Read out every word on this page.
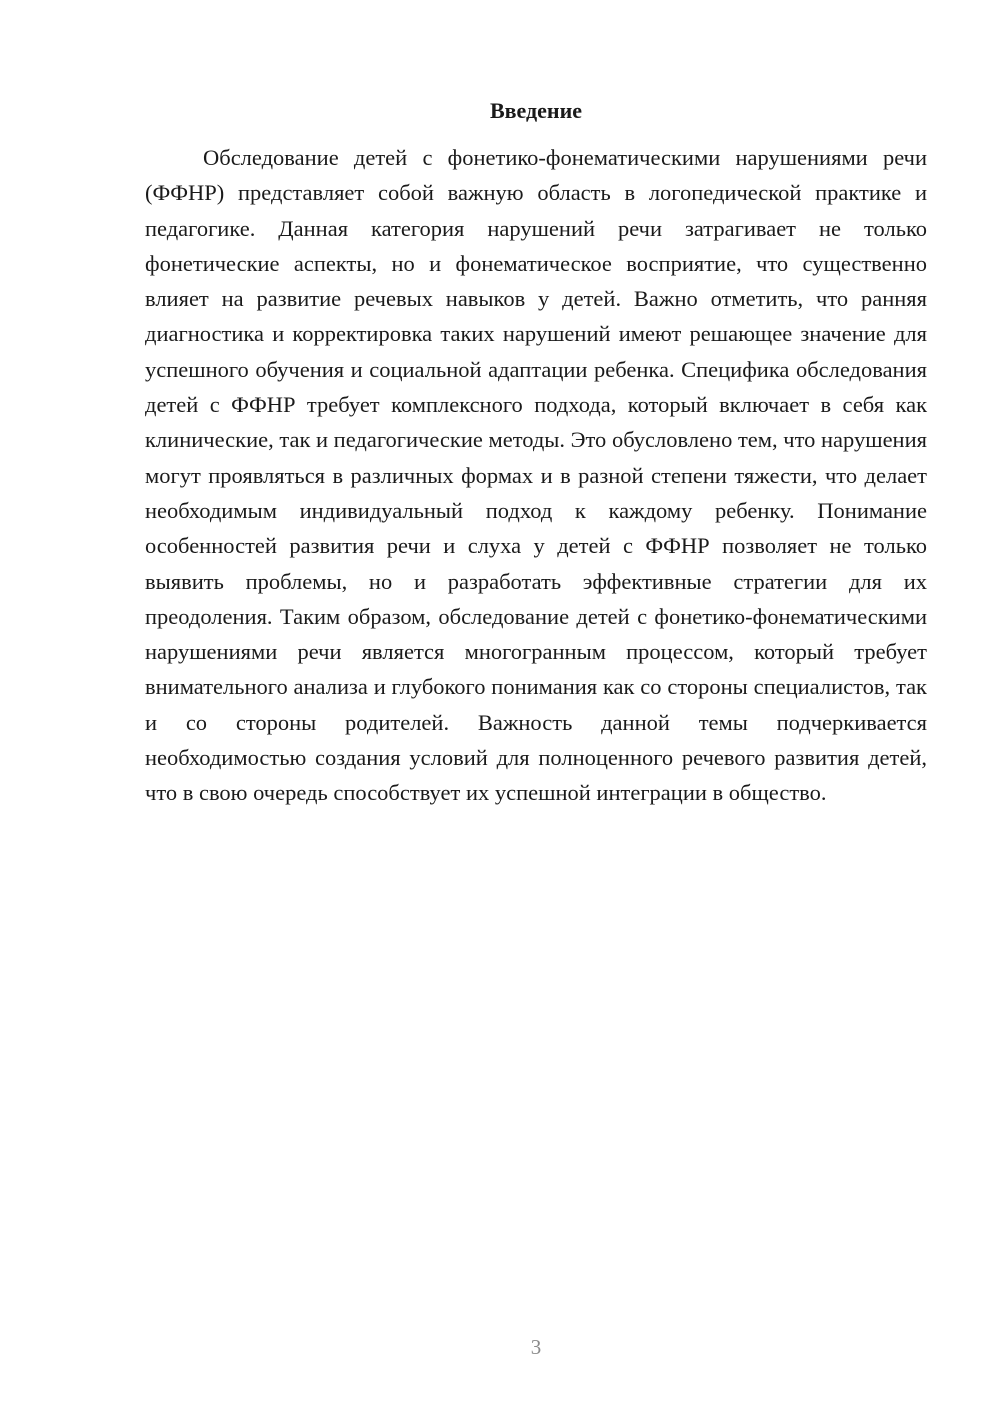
Введение

Обследование детей с фонетико-фонематическими нарушениями речи (ФФНР) представляет собой важную область в логопедической практике и педагогике. Данная категория нарушений речи затрагивает не только фонетические аспекты, но и фонематическое восприятие, что существенно влияет на развитие речевых навыков у детей. Важно отметить, что ранняя диагностика и корректировка таких нарушений имеют решающее значение для успешного обучения и социальной адаптации ребенка. Специфика обследования детей с ФФНР требует комплексного подхода, который включает в себя как клинические, так и педагогические методы. Это обусловлено тем, что нарушения могут проявляться в различных формах и в разной степени тяжести, что делает необходимым индивидуальный подход к каждому ребенку. Понимание особенностей развития речи и слуха у детей с ФФНР позволяет не только выявить проблемы, но и разработать эффективные стратегии для их преодоления. Таким образом, обследование детей с фонетико-фонематическими нарушениями речи является многогранным процессом, который требует внимательного анализа и глубокого понимания как со стороны специалистов, так и со стороны родителей. Важность данной темы подчеркивается необходимостью создания условий для полноценного речевого развития детей, что в свою очередь способствует их успешной интеграции в общество.

3
